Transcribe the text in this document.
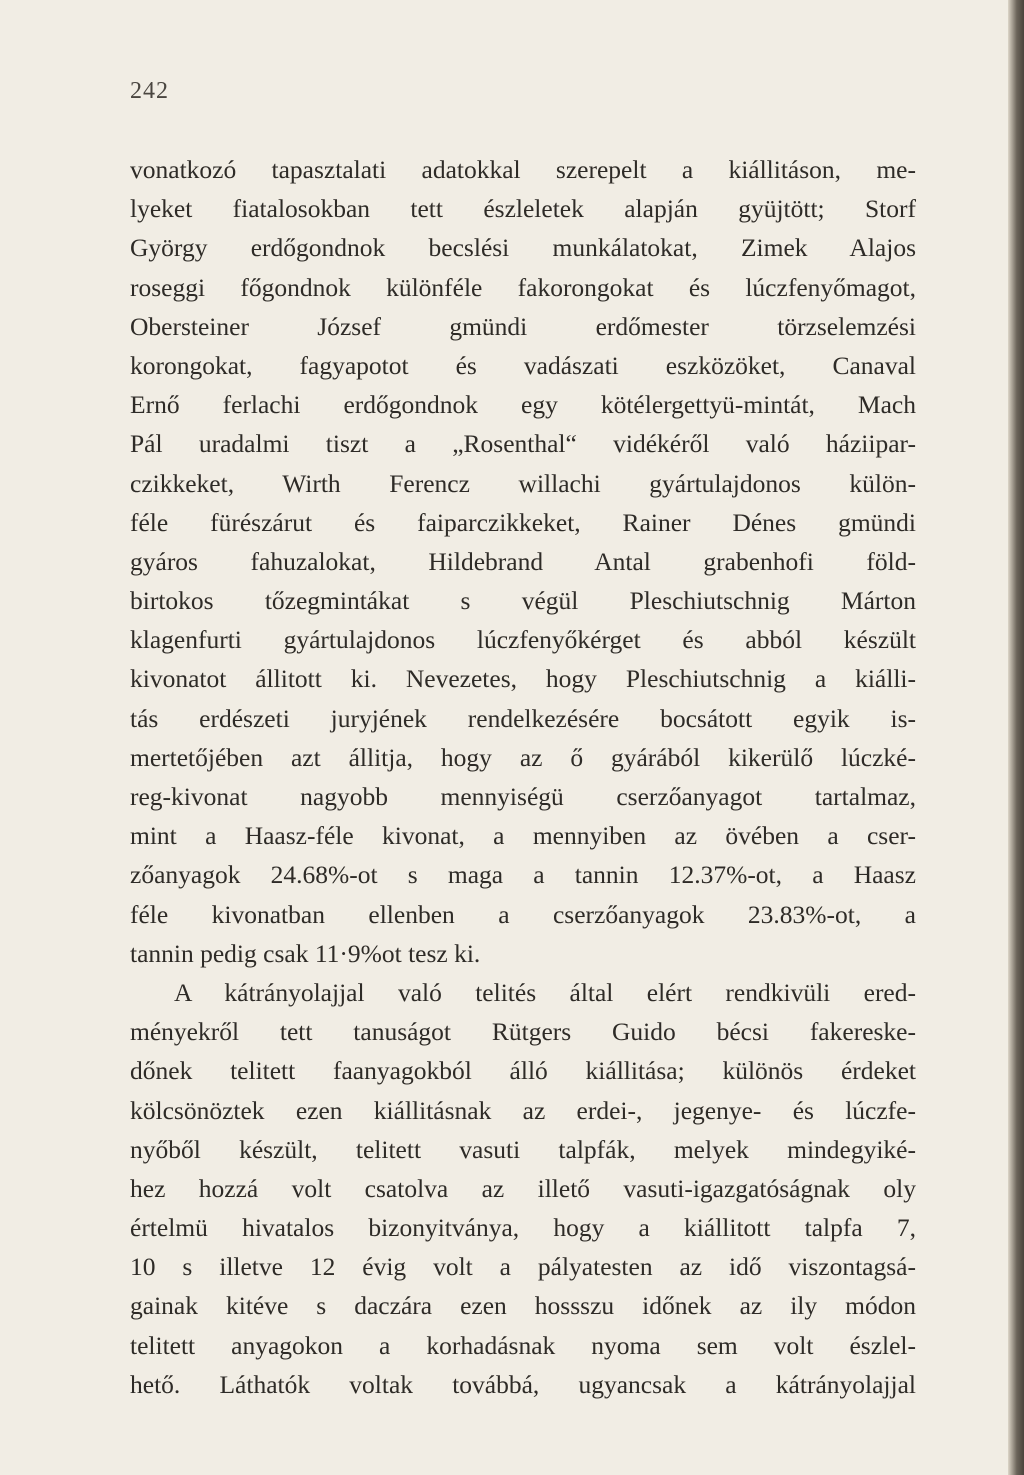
242
vonatkozó tapasztalati adatokkal szerepelt a kiállitáson, me-
lyeket fiatalosokban tett észleletek alapján gyüjtött; Storf
György erdőgondnok becslési munkálatokat, Zimek Alajos
roseggi főgondnok különféle fakorongokat és lúczfenyőmagot,
Obersteiner József gmündi erdőmester törzselemzési
korongokat, fagyapotot és vadászati eszközöket, Canaval
Ernő ferlachi erdőgondnok egy kötélergettyü-mintát, Mach
Pál uradalmi tiszt a „Rosenthal“ vidékéről való háziipar-
czikkeket, Wirth Ferencz willachi gyártulajdonos külön-
féle fürészárut és faiparczikkeket, Rainer Dénes gmündi
gyáros fahuzalokat, Hildebrand Antal grabenhofi föld-
birtokos tőzegmintákat s végül Pleschiutschnig Márton
klagenfurti gyártulajdonos lúczfenyőkérget és abból készült
kivonatot állitott ki. Nevezetes, hogy Pleschiutschnig a kiálli-
tás erdészeti juryjének rendelkezésére bocsátott egyik is-
mertetőjében azt állitja, hogy az ő gyárából kikerülő lúczké-
reg-kivonat nagyobb mennyiségü cserzőanyagot tartalmaz,
mint a Haasz-féle kivonat, a mennyiben az övében a cser-
zőanyagok 24.68%-ot s maga a tannin 12.37%-ot, a Haasz
féle kivonatban ellenben a cserzőanyagok 23.83%-ot, a
tannin pedig csak 11·9%ot tesz ki.
A kátrányolajjal való telités által elért rendkivüli ered-
ményekről tett tanuságot Rütgers Guido bécsi fakereske-
dőnek telitett faanyagokból álló kiállitása; különös érdeket
kölcsönöztek ezen kiállitásnak az erdei-, jegenye- és lúczfe-
nyőből készült, telitett vasuti talpfák, melyek mindegyiké-
hez hozzá volt csatolva az illető vasuti-igazgatóságnak oly
értelmü hivatalos bizonyitványa, hogy a kiállitott talpfa 7,
10 s illetve 12 évig volt a pályatesten az idő viszontagsá-
gainak kitéve s daczára ezen hossszu időnek az ily módon
telitett anyagokon a korhadásnak nyoma sem volt észlel-
hető. Láthatók voltak továbbá, ugyancsak a kátrányolajjal
